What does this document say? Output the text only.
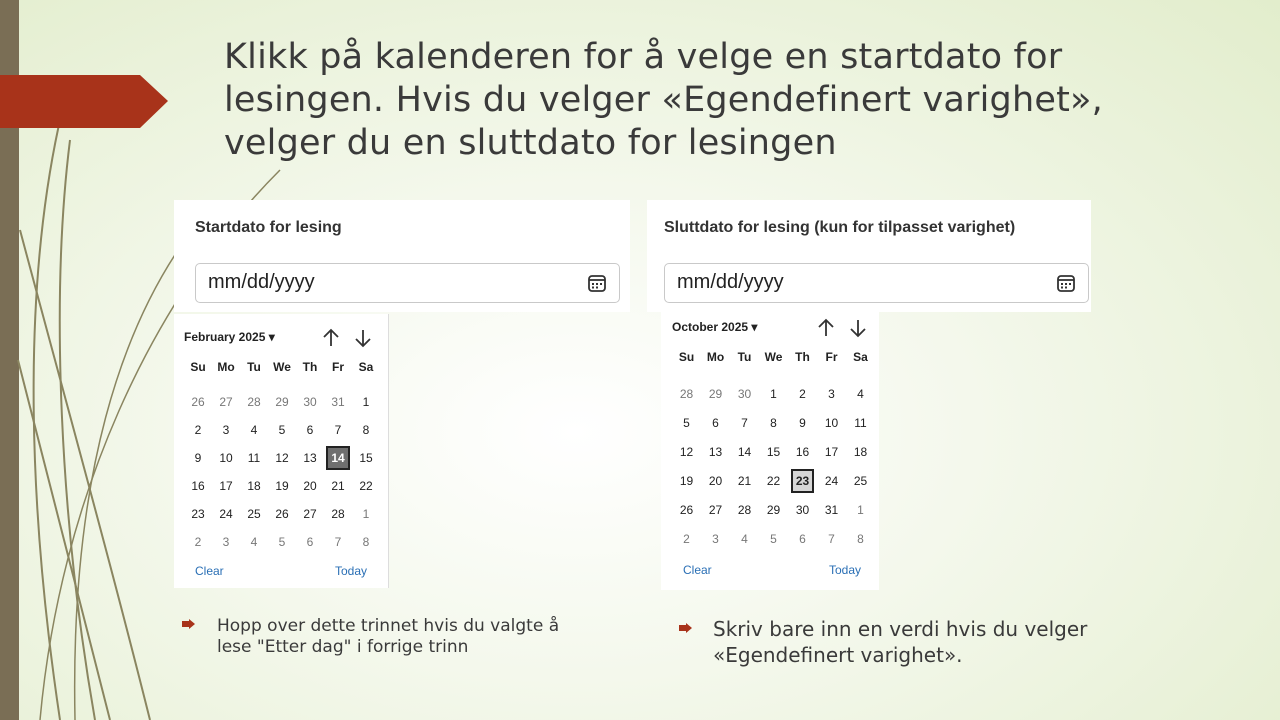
Klikk på kalenderen for å velge en startdato for lesingen. Hvis du velger «Egendefinert varighet», velger du en sluttdato for lesingen
Startdato for lesing
mm/dd/yyyy
Sluttdato for lesing (kun for tilpasset varighet)
mm/dd/yyyy
February 2025 ▾
Su Mo	Tu	We Th	Fr	Sa
26 27 28 29 30 31 1
2 3 4 5 6 7 8
9 10 11 12 13	14	15
16 17 18 19 20 21 22
23 24 25 26 27 28 1
2 3 4 5 6 7 8
Clear	Today
October 2025 ▾
Su	Mo	Tu	We	Th	Fr	Sa
28 29 30 1 2 3 4
5 6 7 8 9 10 11
12 13 14 15 16 17 18
19 20 21 22	23	24 25
26 27 28 29 30 31 1
2 3 4 5 6 7 8
Clear	Today
Hopp over dette trinnet hvis du valgte å lese "Etter dag" i forrige trinn
Skriv bare inn en verdi hvis du velger «Egendefinert varighet».
